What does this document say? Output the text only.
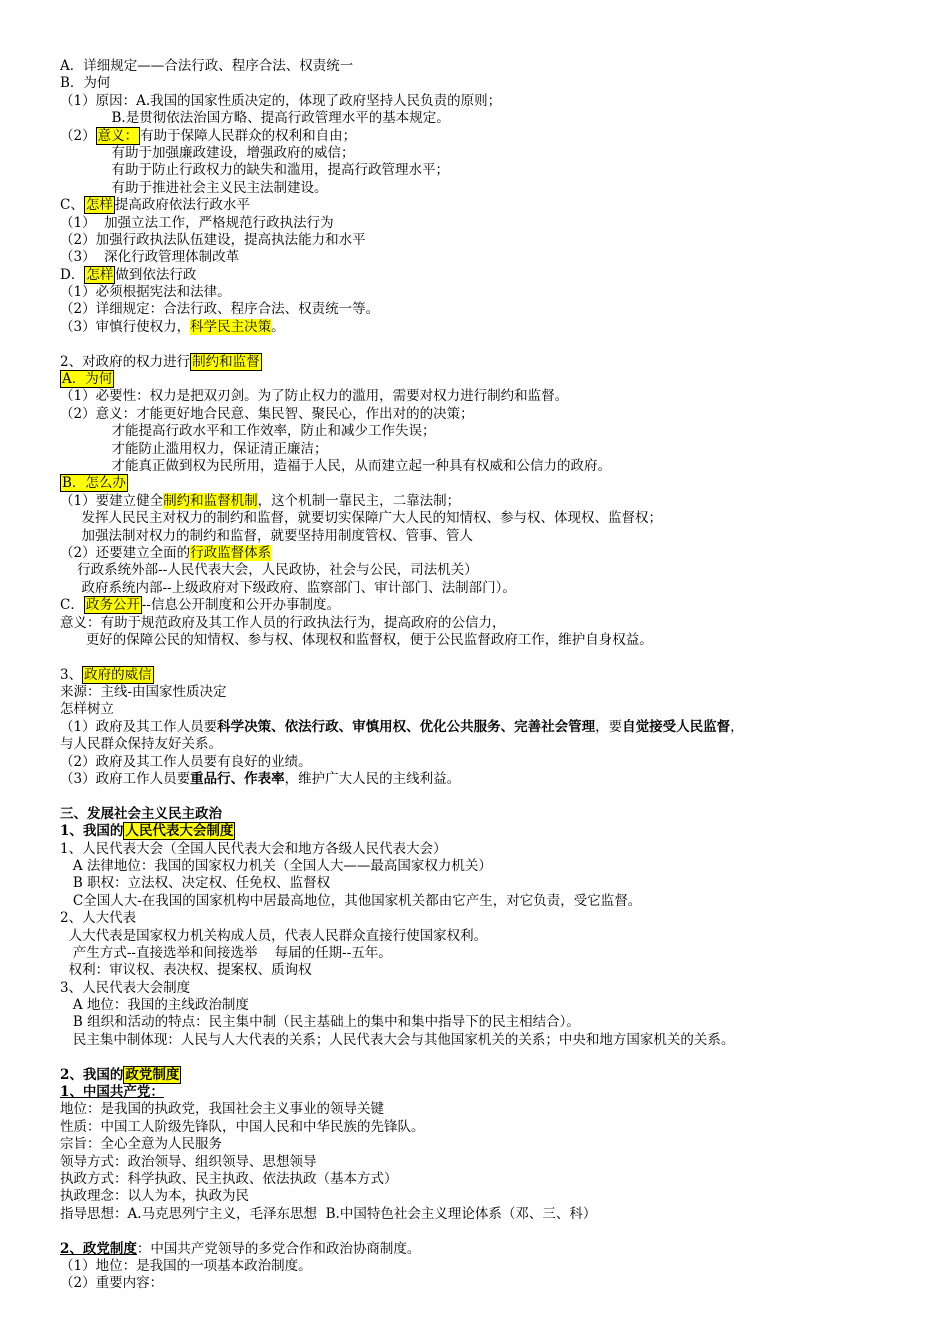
A．详细规定——合法行政、程序合法、权责统一
B．为何
（1）原因：A.我国的国家性质决定的，体现了政府坚持人民负责的原则；
B.是贯彻依法治国方略、提高行政管理水平的基本规定。
（2） 意义： 有助于保障人民群众的权利和自由；
有助于加强廉政建设，增强政府的威信；
有助于防止行政权力的缺失和滥用，提高行政管理水平；
有助于推进社会主义民主法制建设。
C、 怎样 提高政府依法行政水平
（1）  加强立法工作，严格规范行政执法行为
（2）加强行政执法队伍建设，提高执法能力和水平
（3）  深化行政管理体制改革
D． 怎样 做到依法行政
（1）必须根据宪法和法律。
（2）详细规定：合法行政、程序合法、权责统一等。
（3）审慎行使权力，科学民主决策。
2、对政府的权力进行 制约和监督
A．为何
（1）必要性：权力是把双刃剑。为了防止权力的滥用，需要对权力进行制约和监督。
（2）意义：才能更好地合民意、集民智、聚民心，作出对的的决策；
才能提高行政水平和工作效率，防止和减少工作失误；
才能防止滥用权力，保证清正廉洁；
才能真正做到权为民所用，造福于人民，从而建立起一种具有权威和公信力的政府。
B．怎么办
（1）要建立健全制约和监督机制，这个机制一靠民主，二靠法制；
发挥人民民主对权力的制约和监督，就要切实保障广大人民的知情权、参与权、体现权、监督权；
加强法制对权力的制约和监督，就要坚持用制度管权、管事、管人
（2）还要建立全面的行政监督体系
行政系统外部--人民代表大会，人民政协，社会与公民，司法机关）
政府系统内部--上级政府对下级政府、监察部门、审计部门、法制部门）。
C． 政务公开 --信息公开制度和公开办事制度。
意义：有助于规范政府及其工作人员的行政执法行为，提高政府的公信力，
更好的保障公民的知情权、参与权、体现权和监督权，便于公民监督政府工作，维护自身权益。
3、 政府的威信
来源：主线-由国家性质决定
怎样树立
（1）政府及其工作人员要科学决策、依法行政、审慎用权、优化公共服务、完善社会管理，要自觉接受人民监督，
与人民群众保持友好关系。
（2）政府及其工作人员要有良好的业绩。
（3）政府工作人员要重品行、作表率，维护广大人民的主线利益。
三、发展社会主义民主政治
1、我国的 人民代表大会制度
1、人民代表大会（全国人民代表大会和地方各级人民代表大会）
A 法律地位：我国的国家权力机关（全国人大——最高国家权力机关）
B 职权：立法权、决定权、任免权、监督权
C全国人大-在我国的国家机构中居最高地位，其他国家机关都由它产生，对它负责，受它监督。
2、人大代表
人大代表是国家权力机关构成人员，代表人民群众直接行使国家权利。
产生方式--直接选举和间接选举    每届的任期--五年。
权利：审议权、表决权、提案权、质询权
3、人民代表大会制度
A 地位：我国的主线政治制度
B 组织和活动的特点：民主集中制（民主基础上的集中和集中指导下的民主相结合）。
民主集中制体现：人民与人大代表的关系；人民代表大会与其他国家机关的关系；中央和地方国家机关的关系。
2、我国的 政党制度
1、中国共产党：
地位：是我国的执政党，我国社会主义事业的领导关键
性质：中国工人阶级先锋队，中国人民和中华民族的先锋队。
宗旨：全心全意为人民服务
领导方式：政治领导、组织领导、思想领导
执政方式：科学执政、民主执政、依法执政（基本方式）
执政理念：以人为本，执政为民
指导思想：A.马克思列宁主义，毛泽东思想  B.中国特色社会主义理论体系（邓、三、科）
2、政党制度：中国共产党领导的多党合作和政治协商制度。
（1）地位：是我国的一项基本政治制度。
（2）重要内容：
